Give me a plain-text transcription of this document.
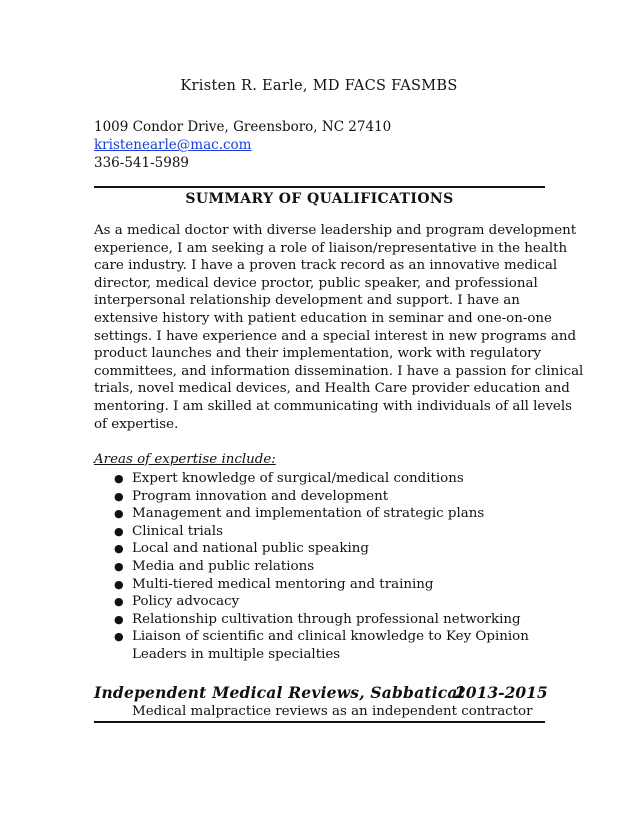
Kristen R. Earle, MD FACS FASMBS
1009 Condor Drive, Greensboro, NC 27410
kristenearle@mac.com
336-541-5989
SUMMARY OF QUALIFICATIONS
As a medical doctor with diverse leadership and program development
experience, I am seeking a role of liaison/representative in the health
care industry. I have a proven track record as an innovative medical
director, medical device proctor, public speaker, and professional
interpersonal relationship development and support. I have an
extensive history with patient education in seminar and one-on-one
settings. I have experience and a special interest in new programs and
product launches and their implementation, work with regulatory
committees, and information dissemination. I have a passion for clinical
trials, novel medical devices, and Health Care provider education and
mentoring. I am skilled at communicating with individuals of all levels
of expertise.
Areas of expertise include:
● Expert knowledge of surgical/medical conditions
● Program innovation and development
● Management and implementation of strategic plans
● Clinical trials
● Local and national public speaking
● Media and public relations
● Multi-tiered medical mentoring and training
● Policy advocacy
● Relationship cultivation through professional networking
● Liaison of scientific and clinical knowledge to Key Opinion
Leaders in multiple specialties
Independent Medical Reviews, Sabbatical
2013-2015
Medical malpractice reviews as an independent contractor
